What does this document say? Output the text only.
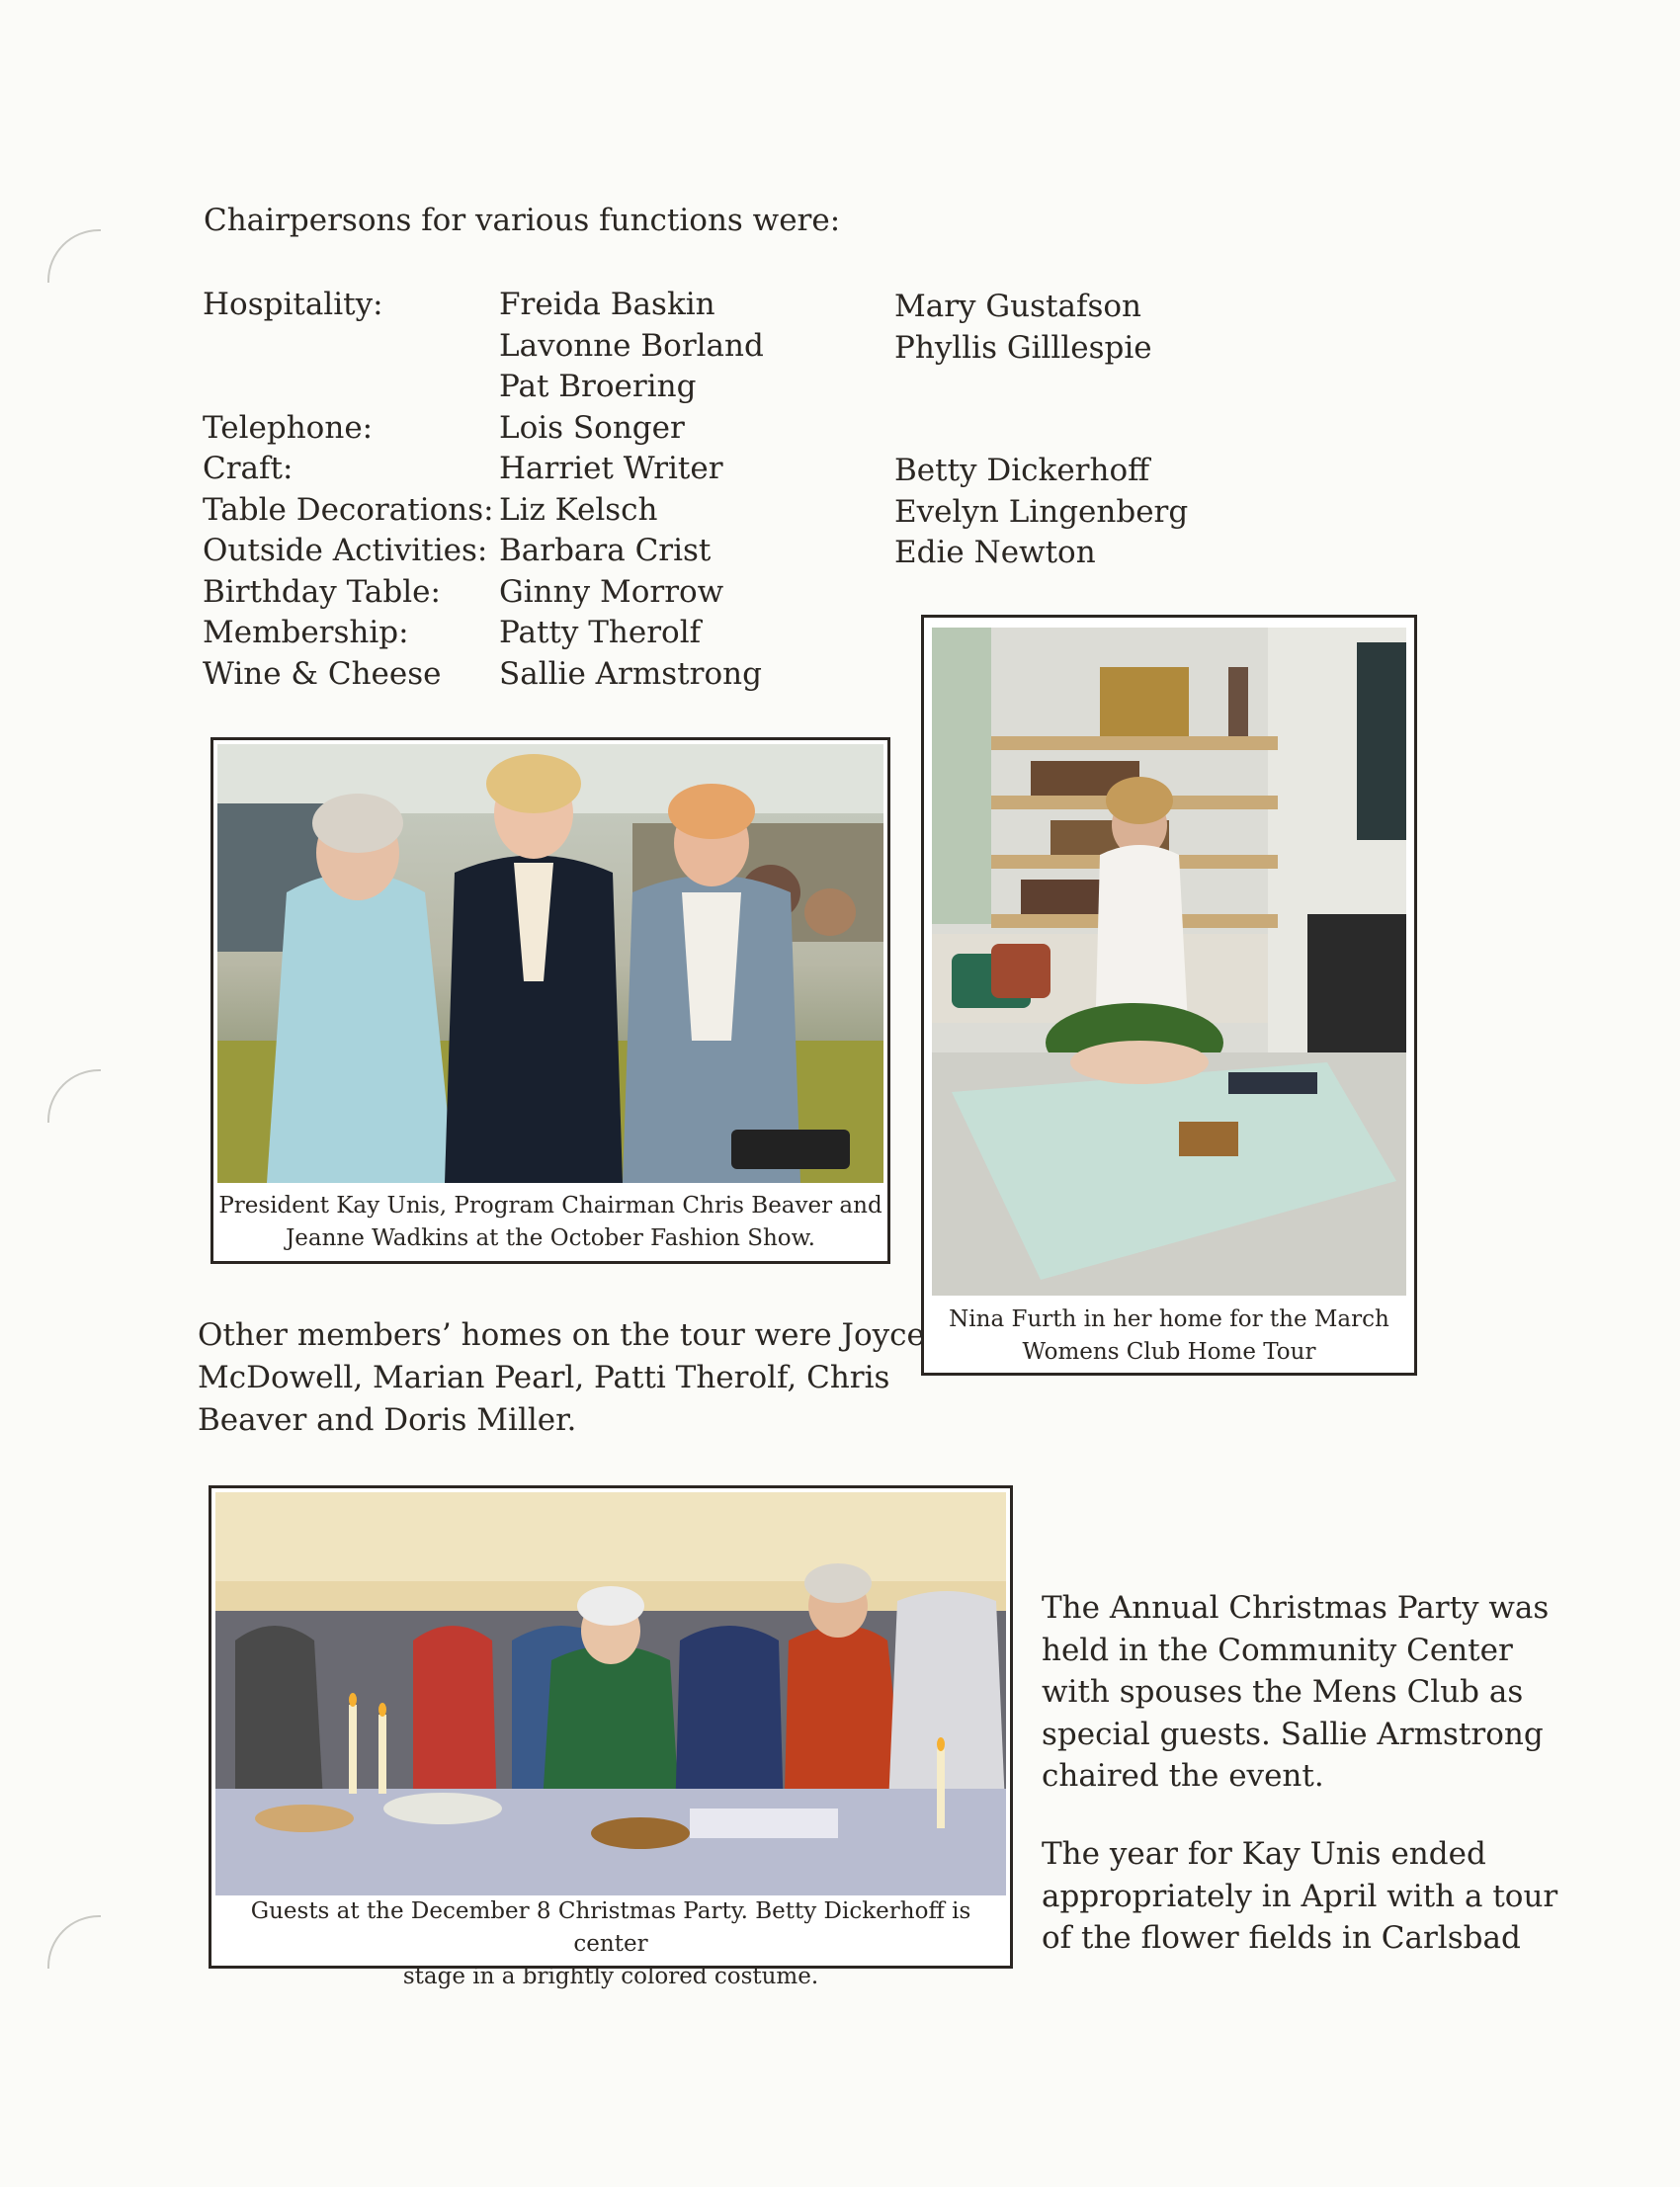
Chairpersons for various functions were:
Hospitality:
Telephone:
Craft:
Table Decorations:
Outside Activities:
Birthday Table:
Membership:
Wine & Cheese
Freida Baskin
Lavonne Borland
Pat Broering
Lois Songer
Harriet Writer
Liz Kelsch
Barbara Crist
Ginny Morrow
Patty Therolf
Sallie Armstrong
Mary Gustafson
Phyllis Gilllespie
Betty Dickerhoff
Evelyn Lingenberg
Edie Newton
President Kay Unis, Program Chairman Chris Beaver and
Jeanne Wadkins at the October Fashion Show.
Nina Furth in her home for the March
Womens Club Home Tour
Other members’ homes on the tour were Joyce
McDowell, Marian Pearl, Patti Therolf, Chris
Beaver and Doris Miller.
Guests at the December 8 Christmas Party. Betty Dickerhoff is center
stage in a brightly colored costume.
The Annual Christmas Party was
held in the Community Center
with spouses the Mens Club as
special guests. Sallie Armstrong
chaired the event.
The year for Kay Unis ended
appropriately in April with a tour
of the flower fields in Carlsbad
